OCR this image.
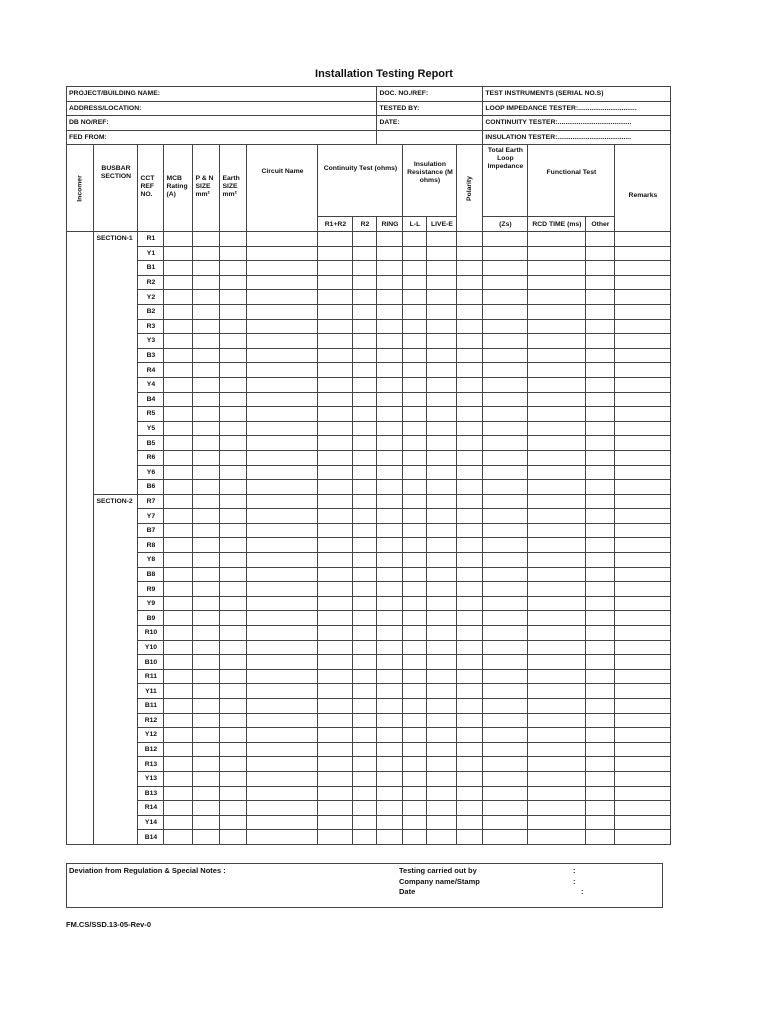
Installation Testing Report
PROJECT/BUILDING NAME:									DOC. NO./REF:				TEST INSTRUMENTS (SERIAL NO.S)			
ADDRESS/LOCATION:									TESTED BY:				LOOP IMPEDANCE TESTER:...............................			
DB NO/REF:									DATE:				CONTINUITY TESTER:.......................................			
FED FROM:													INSULATION TESTER:.......................................			
Incomer	BUSBAR SECTION	CCT REF NO.	MCB Rating (A)	P & N SIZE mm²	Earth SIZE mm²	Circuit Name	Continuity Test (ohms)			Insulation Resistance (M ohms)		Polarity	Total Earth Loop Impedance	Functional Test		Remarks
							R1+R2	R2	RING	L-L	LIVE-E		(Zs)	RCD TIME (ms)	Other	
	SECTION-1	R1														
		Y1														
		B1														
		R2														
		Y2														
		B2														
		R3														
		Y3														
		B3														
		R4														
		Y4														
		B4														
		R5														
		Y5														
		B5														
		R6														
		Y6														
		B6														
	SECTION-2	R7														
		Y7														
		B7														
		R8														
		Y8														
		B8														
		R9														
		Y9														
		B9														
		R10														
		Y10														
		B10														
		R11														
		Y11														
		B11														
		R12														
		Y12														
		B12														
		R13														
		Y13														
		B13														
		R14														
		Y14														
		B14														
Deviation from Regulation & Special Notes :	Testing carried out by	:
Company name/Stamp	:
Date	:
FM.CS/SSD.13-05-Rev-0
